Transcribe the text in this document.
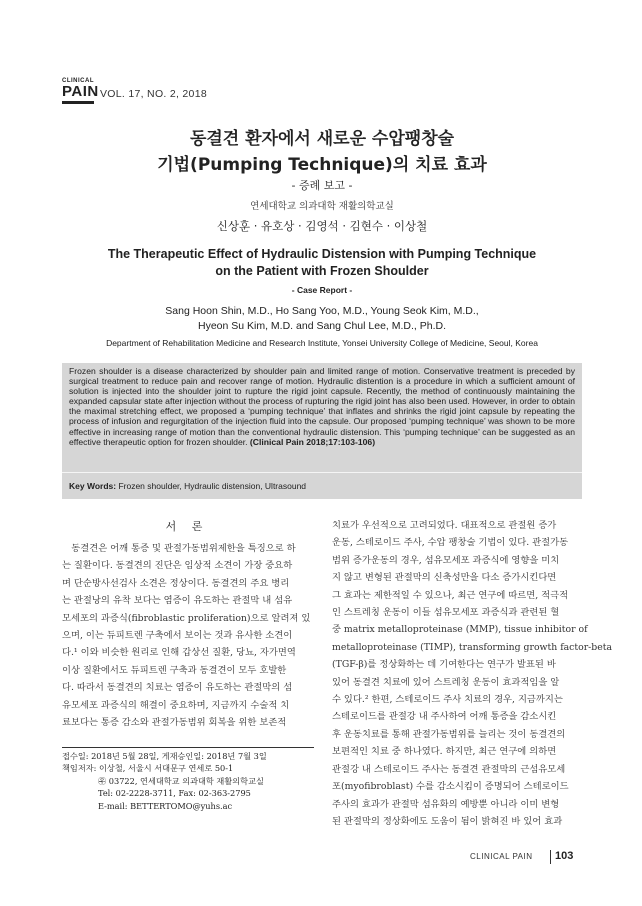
CLINICAL
PAIN VOL. 17, NO. 2, 2018
동결견 환자에서 새로운 수압팽창술
기법(Pumping Technique)의 치료 효과
- 증례 보고 -
연세대학교 의과대학 재활의학교실
신상훈 · 유호상 · 김영석 · 김현수 · 이상철
The Therapeutic Effect of Hydraulic Distension with Pumping Technique
on the Patient with Frozen Shoulder
- Case Report -
Sang Hoon Shin, M.D., Ho Sang Yoo, M.D., Young Seok Kim, M.D.,
Hyeon Su Kim, M.D. and Sang Chul Lee, M.D., Ph.D.
Department of Rehabilitation Medicine and Research Institute, Yonsei University College of Medicine, Seoul, Korea
Frozen shoulder is a disease characterized by shoulder pain and limited range of motion. Conservative treatment is preceded by surgical treatment to reduce pain and recover range of motion. Hydraulic distention is a procedure in which a sufficient amount of solution is injected into the shoulder joint to rupture the rigid joint capsule. Recently, the method of continuously maintaining the expanded capsular state after injection without the process of rupturing the rigid joint has also been used. However, in order to obtain the maximal stretching effect, we proposed a ‘pumping technique’ that inflates and shrinks the rigid joint capsule by repeating the process of infusion and regurgitation of the injection fluid into the capsule. Our proposed ‘pumping technique’ was shown to be more effective in increasing range of motion than the conventional hydraulic distension. This ‘pumping technique’ can be suggested as an effective therapeutic option for frozen shoulder. (Clinical Pain 2018;17:103-106)
Key Words: Frozen shoulder, Hydraulic distension, Ultrasound
서 론
　동결견은 어깨 통증 및 관절가동범위제한을 특징으로 하
는 질환이다. 동결견의 진단은 임상적 소견이 가장 중요하
며 단순방사선검사 소견은 정상이다. 동결견의 주요 병리
는 관절낭의 유착 보다는 염증이 유도하는 관절막 내 섬유
모세포의 과증식(fibroblastic proliferation)으로 알려져 있
으며, 이는 듀피트렌 구축에서 보이는 것과 유사한 소견이
다.¹ 이와 비슷한 원리로 인해 갑상선 질환, 당뇨, 자가면역
이상 질환에서도 듀피트렌 구축과 동결견이 모두 호발한
다. 따라서 동결견의 치료는 염증이 유도하는 관절막의 섬
유모세포 과증식의 해결이 중요하며, 지금까지 수술적 치
료보다는 통증 감소와 관절가동범위 회복을 위한 보존적
치료가 우선적으로 고려되었다. 대표적으로 관절원 증가
운동, 스테로이드 주사, 수압 팽창술 기법이 있다. 관절가동
범위 증가운동의 경우, 섬유모세포 과증식에 영향을 미치
지 않고 변형된 관절막의 신축성만을 다소 증가시킨다면
그 효과는 제한적일 수 있으나, 최근 연구에 따르면, 적극적
인 스트레칭 운동이 이들 섬유모세포 과증식과 관련된 혈
중 matrix metalloproteinase (MMP), tissue inhibitor of
metalloproteinase (TIMP), transforming growth factor-beta
(TGF-β)를 정상화하는 데 기여한다는 연구가 발표된 바
있어 동결견 치료에 있어 스트레칭 운동이 효과적임을 알
수 있다.² 한편, 스테로이드 주사 치료의 경우, 지금까지는
스테로이드를 관절강 내 주사하여 어깨 통증을 감소시킨
후 운동치료를 통해 관절가동범위를 늘리는 것이 동결견의
보편적인 치료 중 하나였다. 하지만, 최근 연구에 의하면
관절강 내 스테로이드 주사는 동결견 관절막의 근섬유모세
포(myofibroblast) 수를 감소시킴이 증명되어 스테로이드
주사의 효과가 관절막 섬유화의 예방뿐 아니라 이미 변형
된 관절막의 정상화에도 도움이 됨이 밝혀진 바 있어 효과
접수일: 2018년 5월 28일, 게재승인일: 2018년 7월 3일
책임저자: 이상철, 서울시 서대문구 연세로 50-1
㉾ 03722, 연세대학교 의과대학 재활의학교실
Tel: 02-2228-3711, Fax: 02-363-2795
E-mail: BETTERTOMO@yuhs.ac
CLINICAL PAIN 103
